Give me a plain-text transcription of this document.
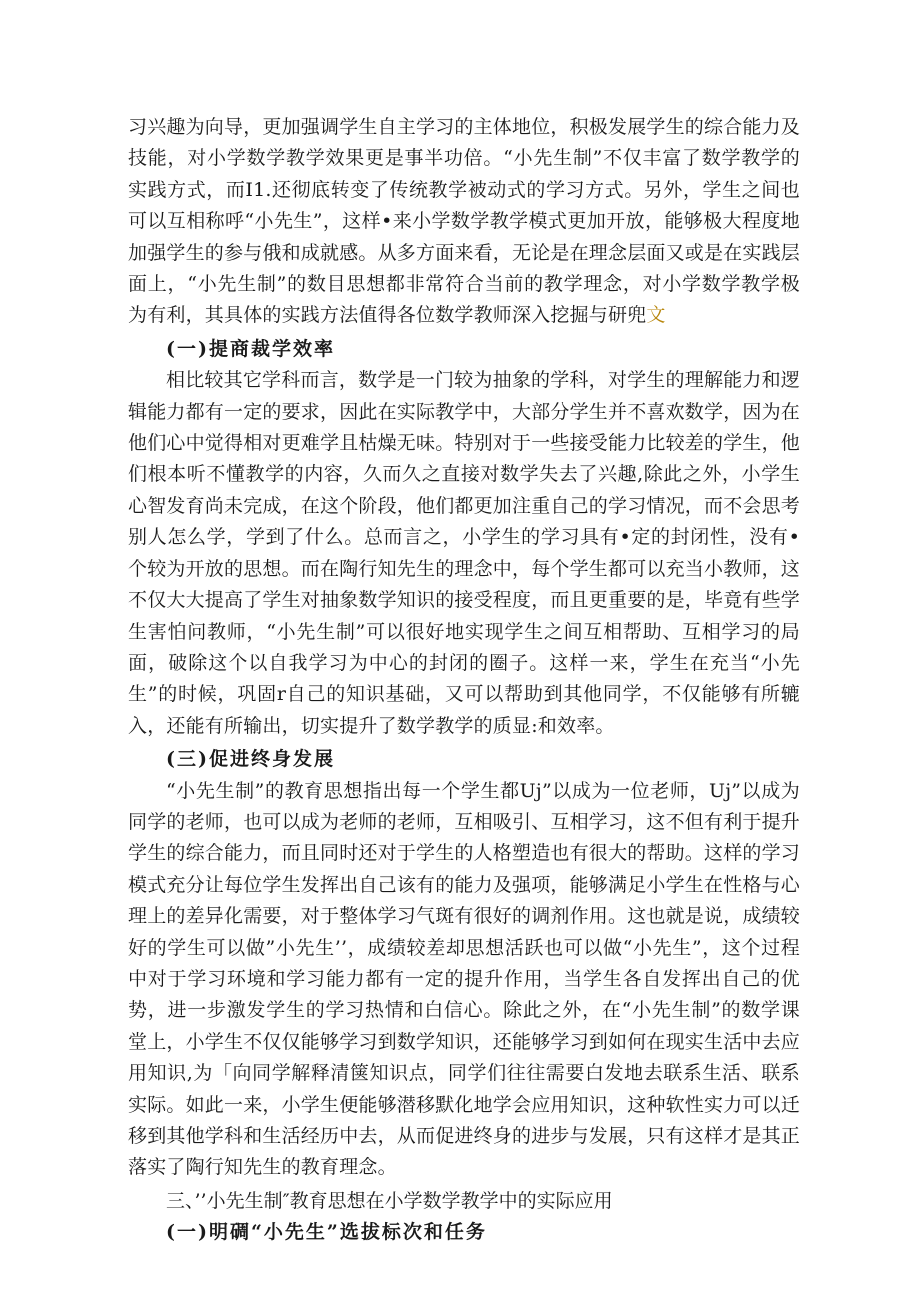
习兴趣为向导，更加强调学生自主学习的主体地位，积极发展学生的综合能力及技能，对小学数学教学效果更是事半功倍。“小先生制”不仅丰富了数学教学的实践方式，而I1.还彻底转变了传统教学被动式的学习方式。另外，学生之间也可以互相称呼“小先生”，这样•来小学数学教学模式更加开放，能够极大程度地加强学生的参与俄和成就感。从多方面来看，无论是在理念层面又或是在实践层面上，“小先生制”的数目思想都非常符合当前的教学理念，对小学数学教学极为有利，其具体的实践方法值得各位数学教师深入挖掘与研兜文

(一)提商裁学效率

相比较其它学科而言，数学是一门较为抽象的学科，对学生的理解能力和逻辑能力都有一定的要求，因此在实际教学中，大部分学生并不喜欢数学，因为在他们心中觉得相对更难学且枯燥无味。特别对于一些接受能力比较差的学生，他们根本听不懂教学的内容，久而久之直接对数学失去了兴趣,除此之外，小学生心智发育尚未完成，在这个阶段，他们都更加注重自己的学习情况，而不会思考别人怎么学，学到了什么。总而言之，小学生的学习具有•定的封闭性，没有•个较为开放的思想。而在陶行知先生的理念中，每个学生都可以充当小教师，这不仅大大提高了学生对抽象数学知识的接受程度，而且更重要的是，毕竟有些学生害怕问教师，“小先生制”可以很好地实现学生之间互相帮助、互相学习的局面，破除这个以自我学习为中心的封闭的圈子。这样一来，学生在充当“小先生”的时候，巩固r自己的知识基础，又可以帮助到其他同学，不仅能够有所辘入，还能有所输出，切实提升了数学教学的质显:和效率。

(三)促进终身发展

“小先生制”的教育思想指出每一个学生都Uj”以成为一位老师，Uj”以成为同学的老师，也可以成为老师的老师，互相吸引、互相学习，这不但有利于提升学生的综合能力，而且同时还对于学生的人格塑造也有很大的帮助。这样的学习模式充分让每位学生发挥出自己该有的能力及强项，能够满足小学生在性格与心理上的差异化需要，对于整体学习气斑有很好的调剂作用。这也就是说，成绩较好的学生可以做”小先生’’，成绩较差却思想活跃也可以做“小先生”，这个过程中对于学习环境和学习能力都有一定的提升作用，当学生各自发挥出自己的优势，进一步激发学生的学习热情和白信心。除此之外，在“小先生制”的数学课堂上，小学生不仅仅能够学习到数学知识，还能够学习到如何在现实生活中去应用知识,为「向同学解释清箧知识点，同学们往往需要白发地去联系生活、联系实际。如此一来，小学生便能够潜移默化地学会应用知识，这种软性实力可以迁移到其他学科和生活经历中去，从而促进终身的进步与发展，只有这样才是其正落实了陶行知先生的教育理念。

三、’’小先生制″教育思想在小学数学教学中的实际应用

(一)明碉“小先生”选拔标次和任务
